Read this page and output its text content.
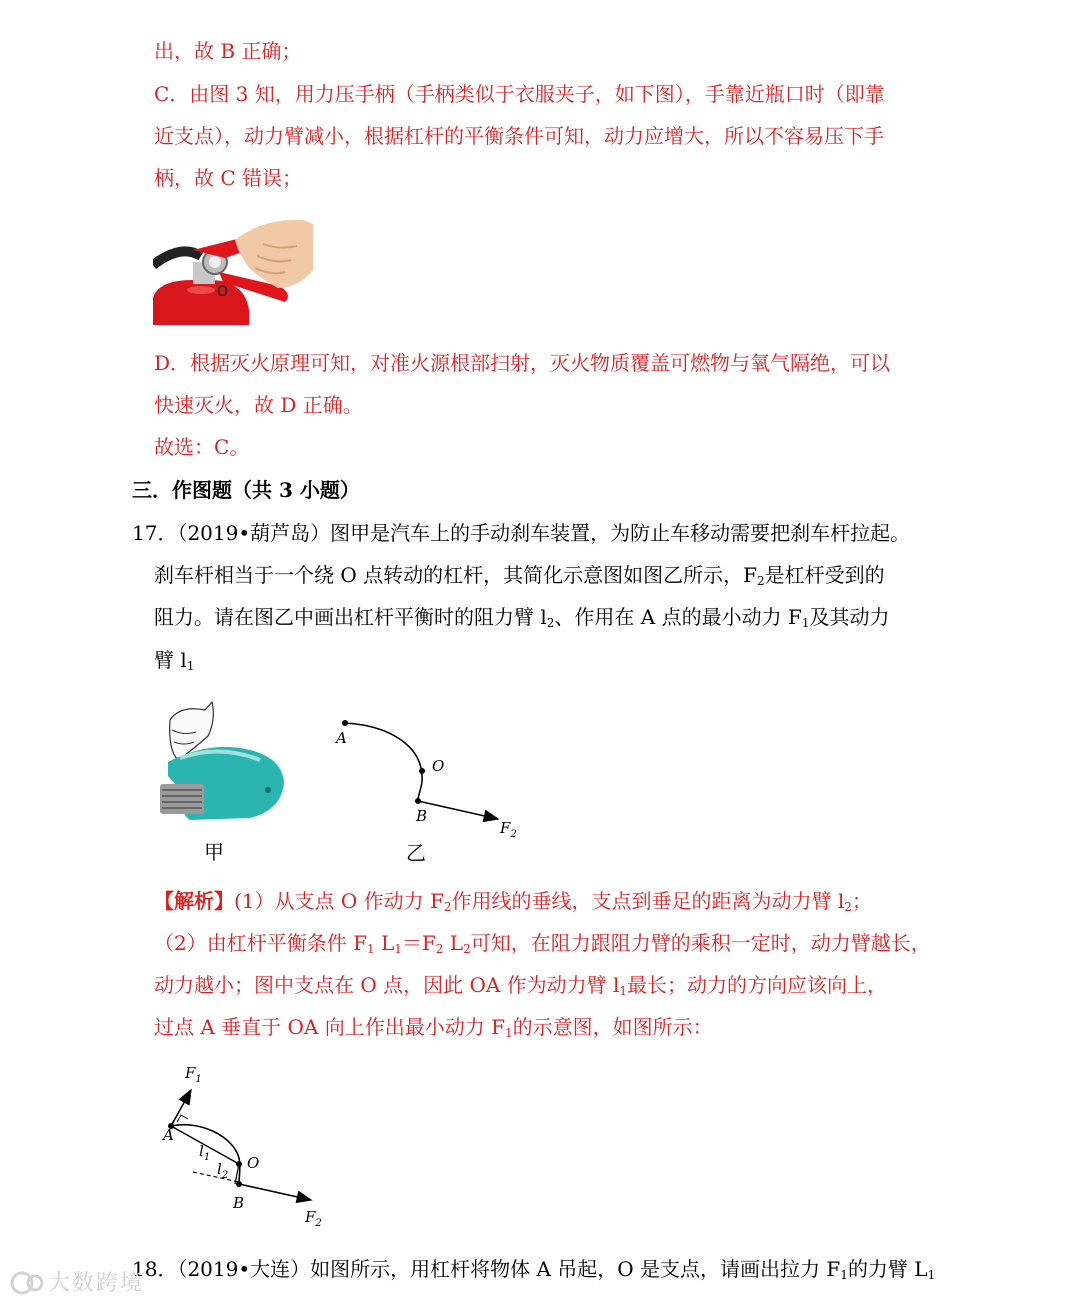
出，故 B 正确；
C．由图 3 知，用力压手柄（手柄类似于衣服夹子，如下图），手靠近瓶口时（即靠
近支点），动力臂减小，根据杠杆的平衡条件可知，动力应增大，所以不容易压下手
柄，故 C 错误；
O
D．根据灭火原理可知，对准火源根部扫射，灭火物质覆盖可燃物与氧气隔绝，可以
快速灭火，故 D 正确。
故选：C。
三．作图题（共 3 小题）
17．（2019•葫芦岛）图甲是汽车上的手动刹车装置，为防止车移动需要把刹车杆拉起。
刹车杆相当于一个绕 O 点转动的杠杆，其简化示意图如图乙所示，$F_2$是杠杆受到的
阻力。请在图乙中画出杠杆平衡时的阻力臂 $l_2$、作用在 A 点的最小动力 $F_1$及其动力
臂 $l_1$
甲
A
O
B
$F_2$
乙
【解析】(1）从支点 O 作动力 $F_2$作用线的垂线，支点到垂足的距离为动力臂 $l_2$；
（2）由杠杆平衡条件 $F_1$ $L_1=F_2$ $L_2$可知，在阻力跟阻力臂的乘积一定时，动力臂越长，
动力越小；图中支点在 O 点，因此 OA 作为动力臂 $l_1$最长；动力的方向应该向上，
过点 A 垂直于 OA 向上作出最小动力 $F_1$的示意图，如图所示：
$F_1$
A
O
B
$l_1$
$l_2$
$F_2$
18．（2019•大连）如图所示，用杠杆将物体 A 吊起，O 是支点，请画出拉力 $F_1$的力臂 $L_1$
大数跨境
